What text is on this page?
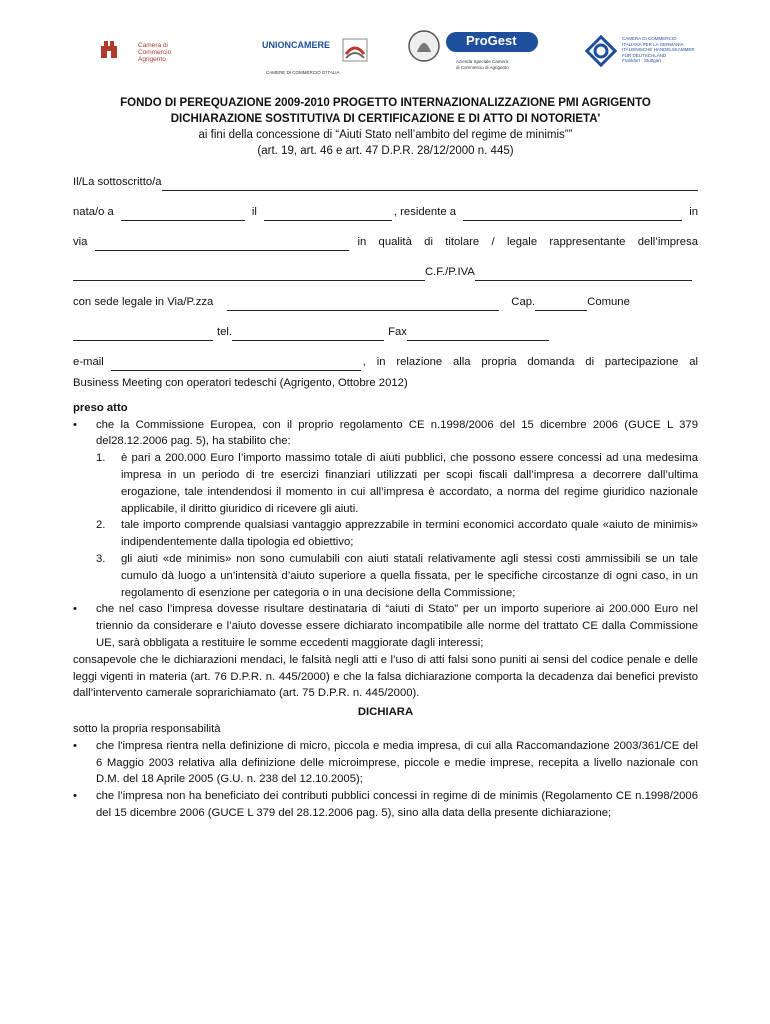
Camera di Commercio
Agrigento
UNIONCAMERE
CAMERE DI COMMERCIO D'ITALIA
ProGest
Azienda Speciale Camera
di Commercio di Agrigento
CAMERA DI COMMERCIO
ITALIANA PER LA GERMANIA
ITALIENISCHE HANDELSKAMMER
FÜR DEUTSCHLAND
Frankfurt · Stuttgart
FONDO DI PEREQUAZIONE 2009-2010 PROGETTO INTERNAZIONALIZZAZIONE PMI AGRIGENTO
DICHIARAZIONE SOSTITUTIVA DI CERTIFICAZIONE E DI ATTO DI NOTORIETA'
ai fini della concessione di “Aiuti Stato nell’ambito del regime de minimis””
(art. 19, art. 46 e art. 47 D.P.R. 28/12/2000 n. 445)
Il/La sottoscritto/a
nata/o a	il	, residente a	in
via	in qualità di titolare / legale rappresentante dell’impresa
C.F./P.IVA
con sede legale in Via/P.zza	Cap.	Comune
tel.	Fax
e-mail	, in relazione alla propria domanda di partecipazione al

Business Meeting con operatori tedeschi (Agrigento, Ottobre 2012)

preso atto

•	che la Commissione Europea, con il proprio regolamento CE n.1998/2006 del 15 dicembre 2006 (GUCE L 379 del28.12.2006 pag. 5), ha stabilito che:
1.	è pari a 200.000 Euro l’importo massimo totale di aiuti pubblici, che possono essere concessi ad una medesima impresa in un periodo di tre esercizi finanziari utilizzati per scopi fiscali dall’impresa a decorrere dall’ultima erogazione, tale intendendosi il momento in cui all’impresa è accordato, a norma del regime giuridico nazionale applicabile, il diritto giuridico di ricevere gli aiuti.
2.	tale importo comprende qualsiasi vantaggio apprezzabile in termini economici accordato quale «aiuto de minimis» indipendentemente dalla tipologia ed obiettivo;
3.	gli aiuti «de minimis» non sono cumulabili con aiuti statali relativamente agli stessi costi ammissibili se un tale cumulo dà luogo a un’intensità d’aiuto superiore a quella fissata, per le specifiche circostanze di ogni caso, in un regolamento di esenzione per categoria o in una decisione della Commissione;
•	che nel caso l’impresa dovesse risultare destinataria di “aiuti di Stato” per un importo superiore ai 200.000 Euro nel triennio da considerare e l’aiuto dovesse essere dichiarato incompatibile alle norme del trattato CE dalla Commissione UE, sarà obbligata a restituire le somme eccedenti maggiorate dagli interessi;

consapevole che le dichiarazioni mendaci, le falsità negli atti e l’uso di atti falsi sono puniti ai sensi del codice penale e delle leggi vigenti in materia (art. 76 D.P.R. n. 445/2000) e che la falsa dichiarazione comporta la decadenza dai benefici previsto dall’intervento camerale soprarichiamato (art. 75 D.P.R. n. 445/2000).

DICHIARA

sotto la propria responsabilità

•	che l'impresa rientra nella definizione di micro, piccola e media impresa, di cui alla Raccomandazione 2003/361/CE del 6 Maggio 2003 relativa alla definizione delle microimprese, piccole e medie imprese, recepita a livello nazionale con D.M. del 18 Aprile 2005 (G.U. n. 238 del 12.10.2005);
•	che l’impresa non ha beneficiato dei contributi pubblici concessi in regime di de minimis (Regolamento CE n.1998/2006 del 15 dicembre 2006 (GUCE L 379 del 28.12.2006 pag. 5), sino alla data della presente dichiarazione;
